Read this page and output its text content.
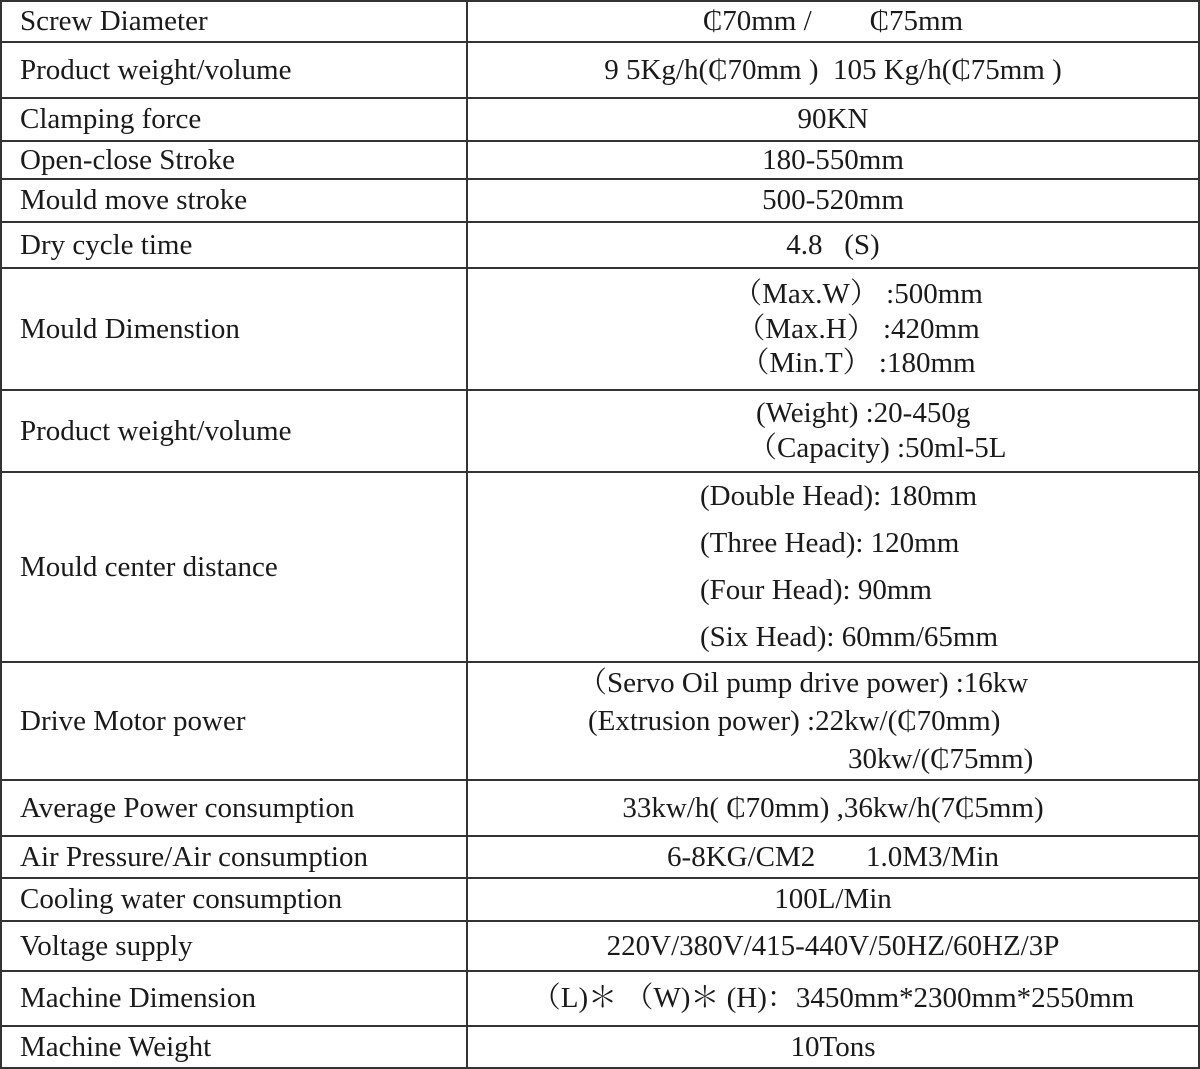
Screw Diameter	₵70mm /        ₵75mm

Product weight/volume	9 5Kg/h(₵70mm )  105 Kg/h(₵75mm )

Clamping force	90KN

Open-close Stroke	180-550mm

Mould move stroke	500-520mm

Dry cycle time	4.8   (S)

Mould Dimenstion	（Max.W） :500mm
（Max.H） :420mm
（Min.T） :180mm

Product weight/volume	(Weight) :20-450g
（Capacity) :50ml-5L

Mould center distance	(Double Head): 180mm
(Three Head): 120mm
(Four Head): 90mm
(Six Head): 60mm/65mm

Drive Motor power	（Servo Oil pump drive power) :16kw
(Extrusion power) :22kw/(₵70mm)
30kw/(₵75mm)

Average Power consumption	33kw/h( ₵70mm) ,36kw/h(7₵5mm)

Air Pressure/Air consumption	6-8KG/CM2       1.0M3/Min

Cooling water consumption	100L/Min

Voltage supply	220V/380V/415-440V/50HZ/60HZ/3P

Machine Dimension	（L)＊ （W)＊ (H)：3450mm*2300mm*2550mm

Machine Weight	10Tons
